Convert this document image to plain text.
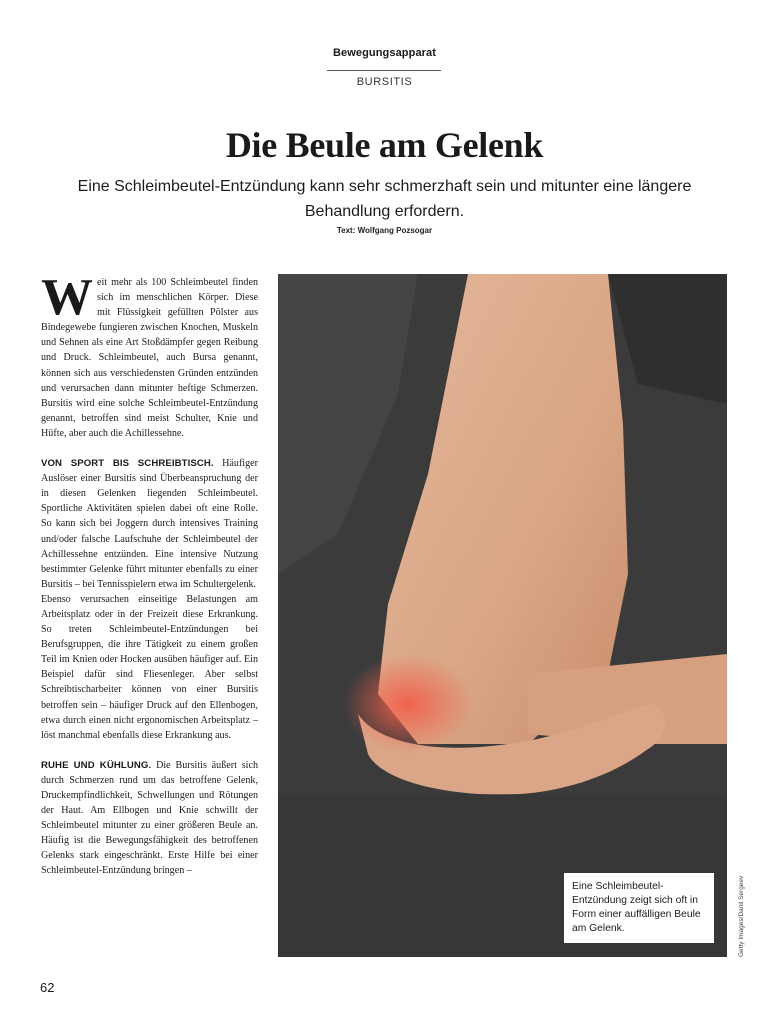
Bewegungsapparat
BURSITIS
Die Beule am Gelenk
Eine Schleimbeutel-Entzündung kann sehr schmerzhaft sein und mitunter eine längere Behandlung erfordern.
Text: Wolfgang Pozsogar

Weit mehr als 100 Schleimbeutel finden sich im menschlichen Körper. Diese mit Flüssigkeit gefüllten Pölster aus Bindegewebe fungieren zwischen Knochen, Muskeln und Sehnen als eine Art Stoßdämpfer gegen Reibung und Druck. Schleimbeutel, auch Bursa genannt, können sich aus verschiedensten Gründen entzünden und verursachen dann mitunter heftige Schmerzen. Bursitis wird eine solche Schleimbeutel-Entzündung genannt, betroffen sind meist Schulter, Knie und Hüfte, aber auch die Achillessehne.

VON SPORT BIS SCHREIBTISCH. Häufiger Auslöser einer Bursitis sind Überbeanspruchung der in diesen Gelenken liegenden Schleimbeutel. Sportliche Aktivitäten spielen dabei oft eine Rolle. So kann sich bei Joggern durch intensives Training und/oder falsche Laufschuhe der Schleimbeutel der Achillessehne entzünden. Eine intensive Nutzung bestimmter Gelenke führt mitunter ebenfalls zu einer Bursitis – bei Tennisspielern etwa im Schultergelenk.

Ebenso verursachen einseitige Belastungen am Arbeitsplatz oder in der Freizeit diese Erkrankung. So treten Schleimbeutel-Entzündungen bei Berufsgruppen, die ihre Tätigkeit zu einem großen Teil im Knien oder Hocken ausüben häufiger auf. Ein Beispiel dafür sind Fliesenleger. Aber selbst Schreibtischarbeiter können von einer Bursitis betroffen sein – häufiger Druck auf den Ellenbogen, etwa durch einen nicht ergonomischen Arbeitsplatz – löst manchmal ebenfalls diese Erkrankung aus.

RUHE UND KÜHLUNG. Die Bursitis äußert sich durch Schmerzen rund um das betroffene Gelenk, Druckempfindlichkeit, Schwellungen und Rötungen der Haut. Am Ellbogen und Knie schwillt der Schleimbeutel mitunter zu einer größeren Beule an. Häufig ist die Bewegungsfähigkeit des betroffenen Gelenks stark eingeschränkt. Erste Hilfe bei einer Schleimbeutel-Entzündung bringen –

Eine Schleimbeutel-Entzündung zeigt sich oft in Form einer auffälligen Beule am Gelenk.	Getty Images/Danil Sergeev
62
